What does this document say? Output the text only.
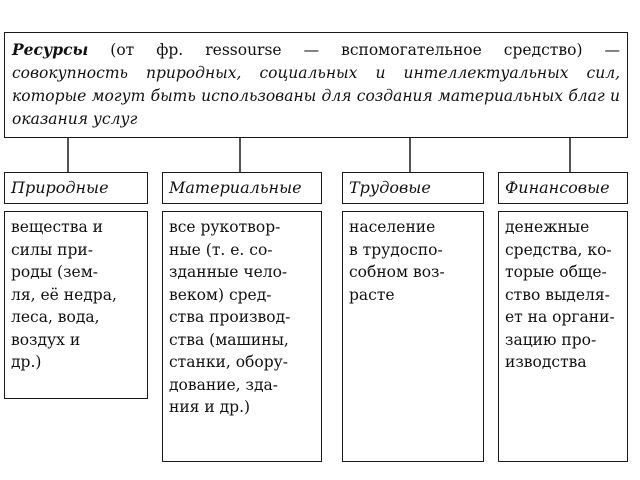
Ресурсы (от фр. ressourse — вспомогательное средство) — совокупность природных, социальных и интеллектуальных сил, которые могут быть использованы для создания материальных благ и оказания услуг
Природные
вещества и
силы при-
роды (зем-
ля, её недра,
леса, вода,
воздух и
др.)
Материальные
все рукотвор-
ные (т. е. со-
зданные чело-
веком) сред-
ства производ-
ства (машины,
станки, обору-
дование, зда-
ния и др.)
Трудовые
население
в трудоспо-
собном воз-
расте
Финансовые
денежные
средства, ко-
торые обще-
ство выделя-
ет на органи-
зацию про-
изводства
